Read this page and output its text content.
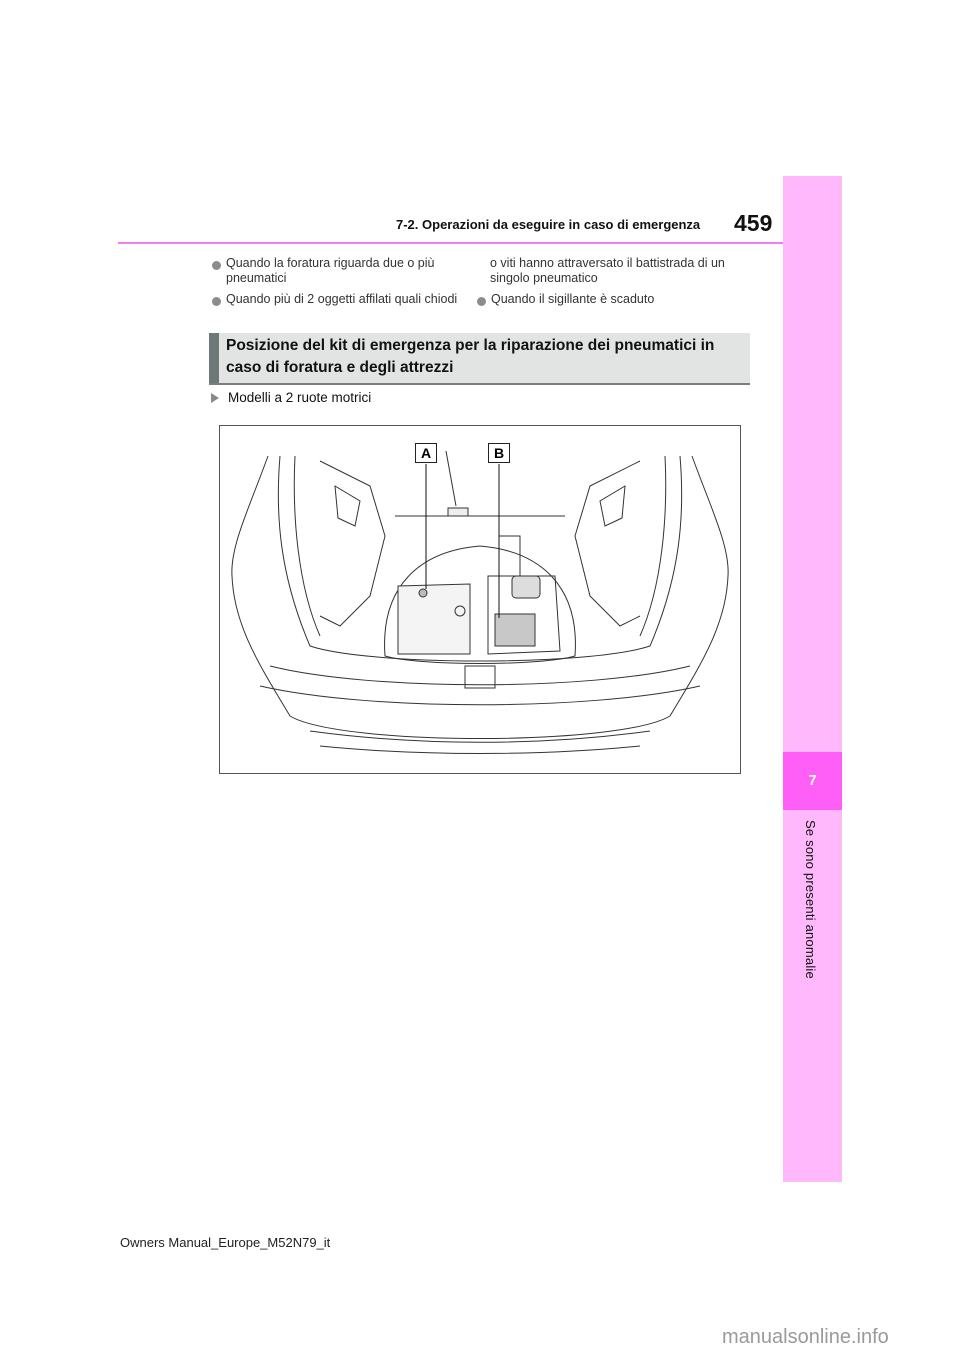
7
Se sono presenti anomalie
7-2. Operazioni da eseguire in caso di emergenza 459
Quando la foratura riguarda due o più
pneumatici
Quando più di 2 oggetti affilati quali chiodi
o viti hanno attraversato il battistrada di un
singolo pneumatico
Quando il sigillante è scaduto
Posizione del kit di emergenza per la riparazione dei pneumatici in
caso di foratura e degli attrezzi
Modelli a 2 ruote motrici
A	B
Owners Manual_Europe_M52N79_it
manualsonline.info
